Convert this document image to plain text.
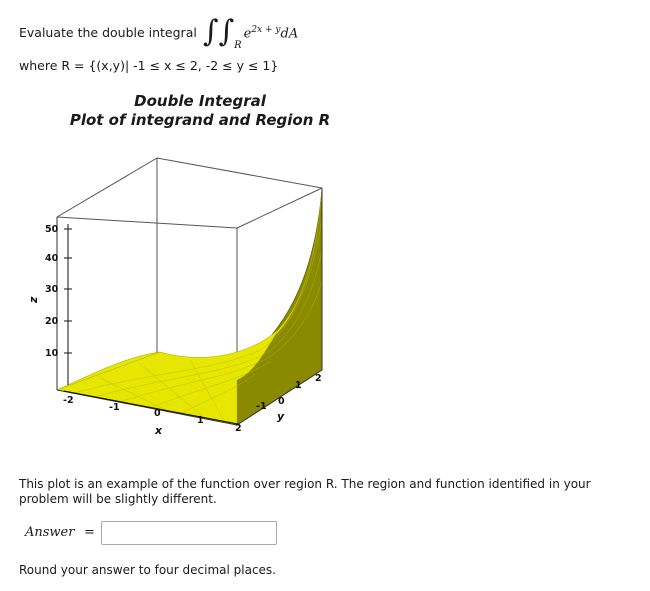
Evaluate the double integral ∫ ∫ R
$e^{2x + y}dA$
where R = {(x,y)| -1 ≤ x ≤ 2, -2 ≤ y ≤ 1}
Double Integral
Plot of integrand and Region R
50
40
30
20
10
z
-2
-1
0
1
2
x
-1 0
1
2
y
This plot is an example of the function over region R. The region and function identified in your problem will be slightly different.
Answer =
Round your answer to four decimal places.
